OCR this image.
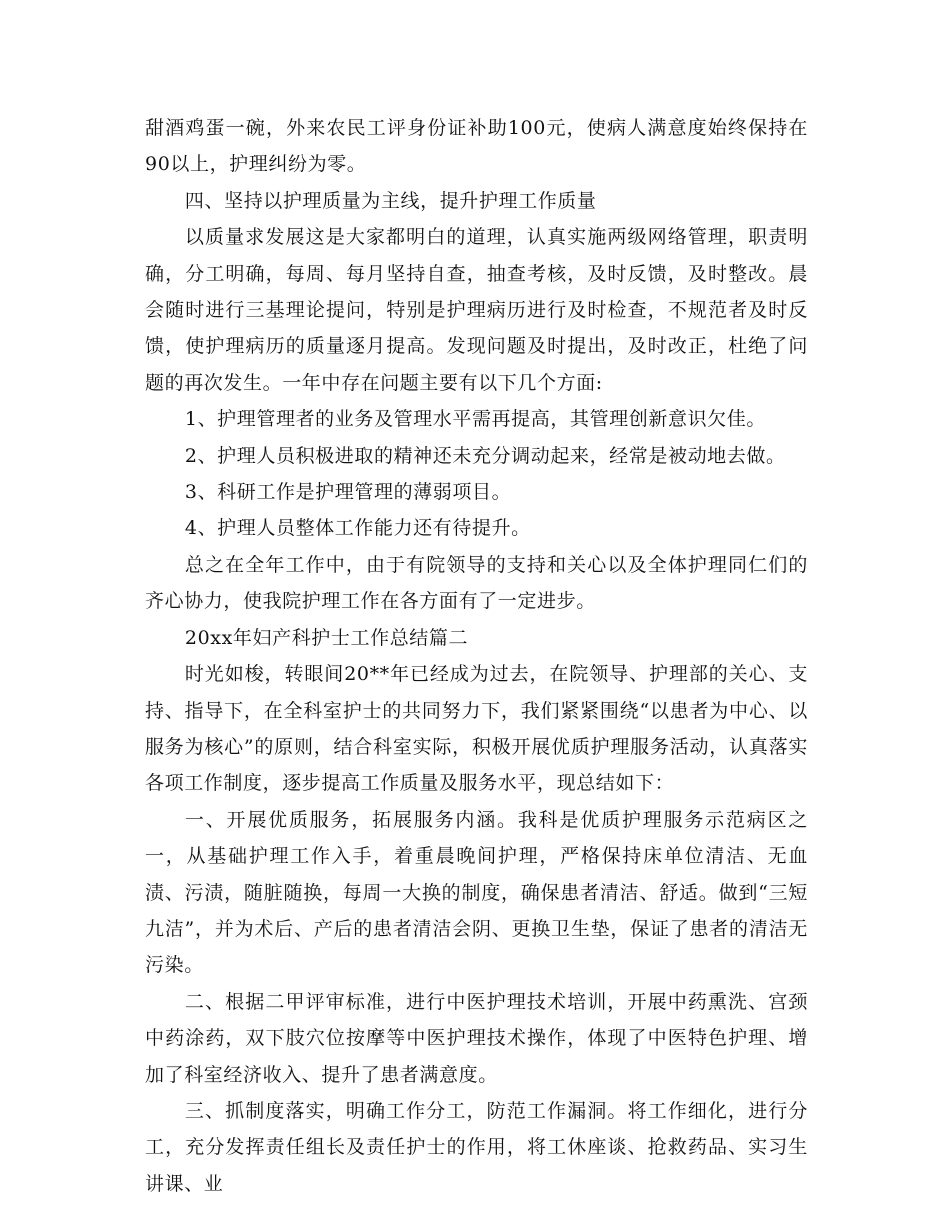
甜酒鸡蛋一碗，外来农民工评身份证补助100元，使病人满意度始终保持在90以上，护理纠纷为零。

四、坚持以护理质量为主线，提升护理工作质量

以质量求发展这是大家都明白的道理，认真实施两级网络管理，职责明确，分工明确，每周、每月坚持自查，抽查考核，及时反馈，及时整改。晨会随时进行三基理论提问，特别是护理病历进行及时检查，不规范者及时反馈，使护理病历的质量逐月提高。发现问题及时提出，及时改正，杜绝了问题的再次发生。一年中存在问题主要有以下几个方面:

1、护理管理者的业务及管理水平需再提高，其管理创新意识欠佳。

2、护理人员积极进取的精神还未充分调动起来，经常是被动地去做。

3、科研工作是护理管理的薄弱项目。

4、护理人员整体工作能力还有待提升。

总之在全年工作中，由于有院领导的支持和关心以及全体护理同仁们的齐心协力，使我院护理工作在各方面有了一定进步。

20xx年妇产科护士工作总结篇二

时光如梭，转眼间20**年已经成为过去，在院领导、护理部的关心、支持、指导下，在全科室护士的共同努力下，我们紧紧围绕“以患者为中心、以服务为核心”的原则，结合科室实际，积极开展优质护理服务活动，认真落实各项工作制度，逐步提高工作质量及服务水平，现总结如下：

一、开展优质服务，拓展服务内涵。我科是优质护理服务示范病区之一，从基础护理工作入手，着重晨晚间护理，严格保持床单位清洁、无血渍、污渍，随脏随换，每周一大换的制度，确保患者清洁、舒适。做到“三短九洁”，并为术后、产后的患者清洁会阴、更换卫生垫，保证了患者的清洁无污染。

二、根据二甲评审标准，进行中医护理技术培训，开展中药熏洗、宫颈中药涂药，双下肢穴位按摩等中医护理技术操作，体现了中医特色护理、增加了科室经济收入、提升了患者满意度。

三、抓制度落实，明确工作分工，防范工作漏洞。将工作细化，进行分工，充分发挥责任组长及责任护士的作用，将工休座谈、抢救药品、实习生讲课、业
